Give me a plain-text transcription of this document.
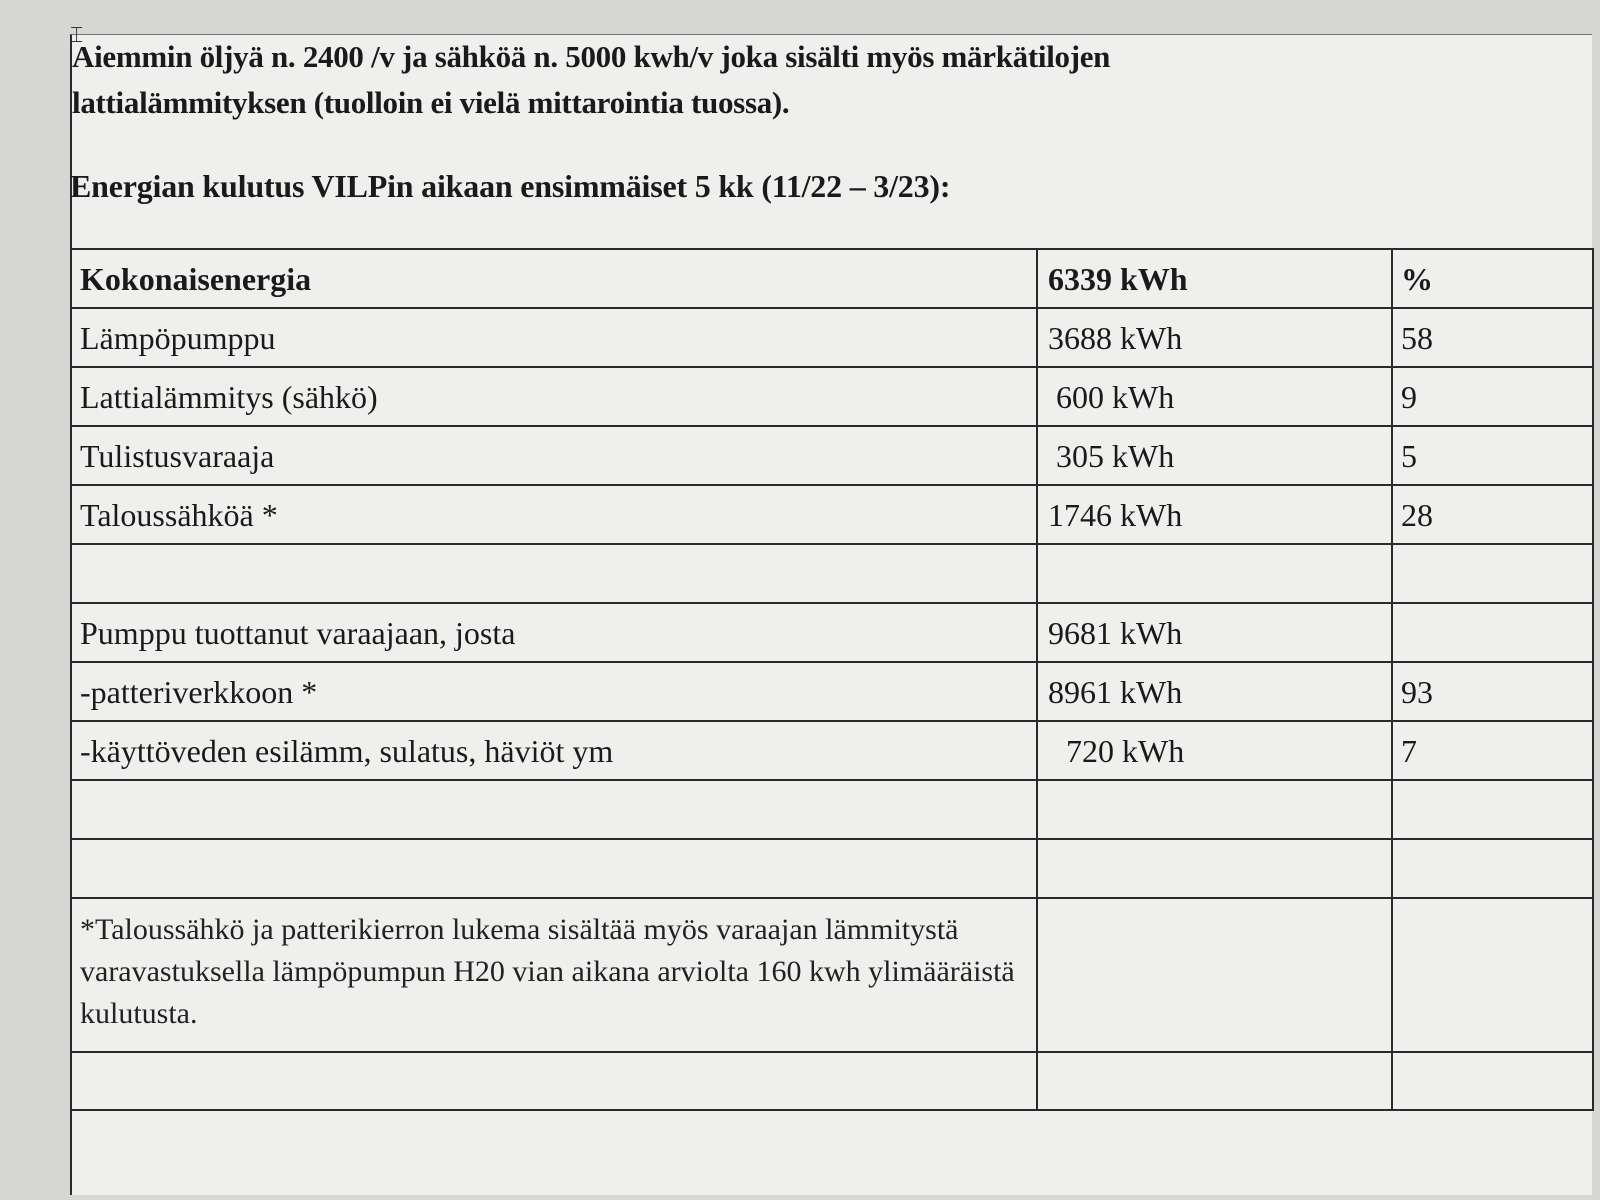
⌶

Aiemmin öljyä n. 2400 /v ja sähköä n. 5000 kwh/v joka sisälti myös märkätilojen

lattialämmityksen (tuolloin ei vielä mittarointia tuossa).

Energian kulutus VILPin aikaan ensimmäiset 5 kk (11/22 – 3/23):
Kokonaisenergia	6339 kWh	%
Lämpöpumppu	3688 kWh	58
Lattialämmitys (sähkö)	600 kWh	9
Tulistusvaraaja	305 kWh	5
Taloussähköä *	1746 kWh	28

Pumppu tuottanut varaajaan, josta	9681 kWh	
-patteriverkkoon *	8961 kWh	93
-käyttöveden esilämm, sulatus, häviöt ym	720 kWh	7

*Taloussähkö ja patterikierron lukema sisältää myös varaajan lämmitystä varavastuksella lämpöpumpun H20 vian aikana arviolta 160 kwh ylimääräistä kulutusta.		
